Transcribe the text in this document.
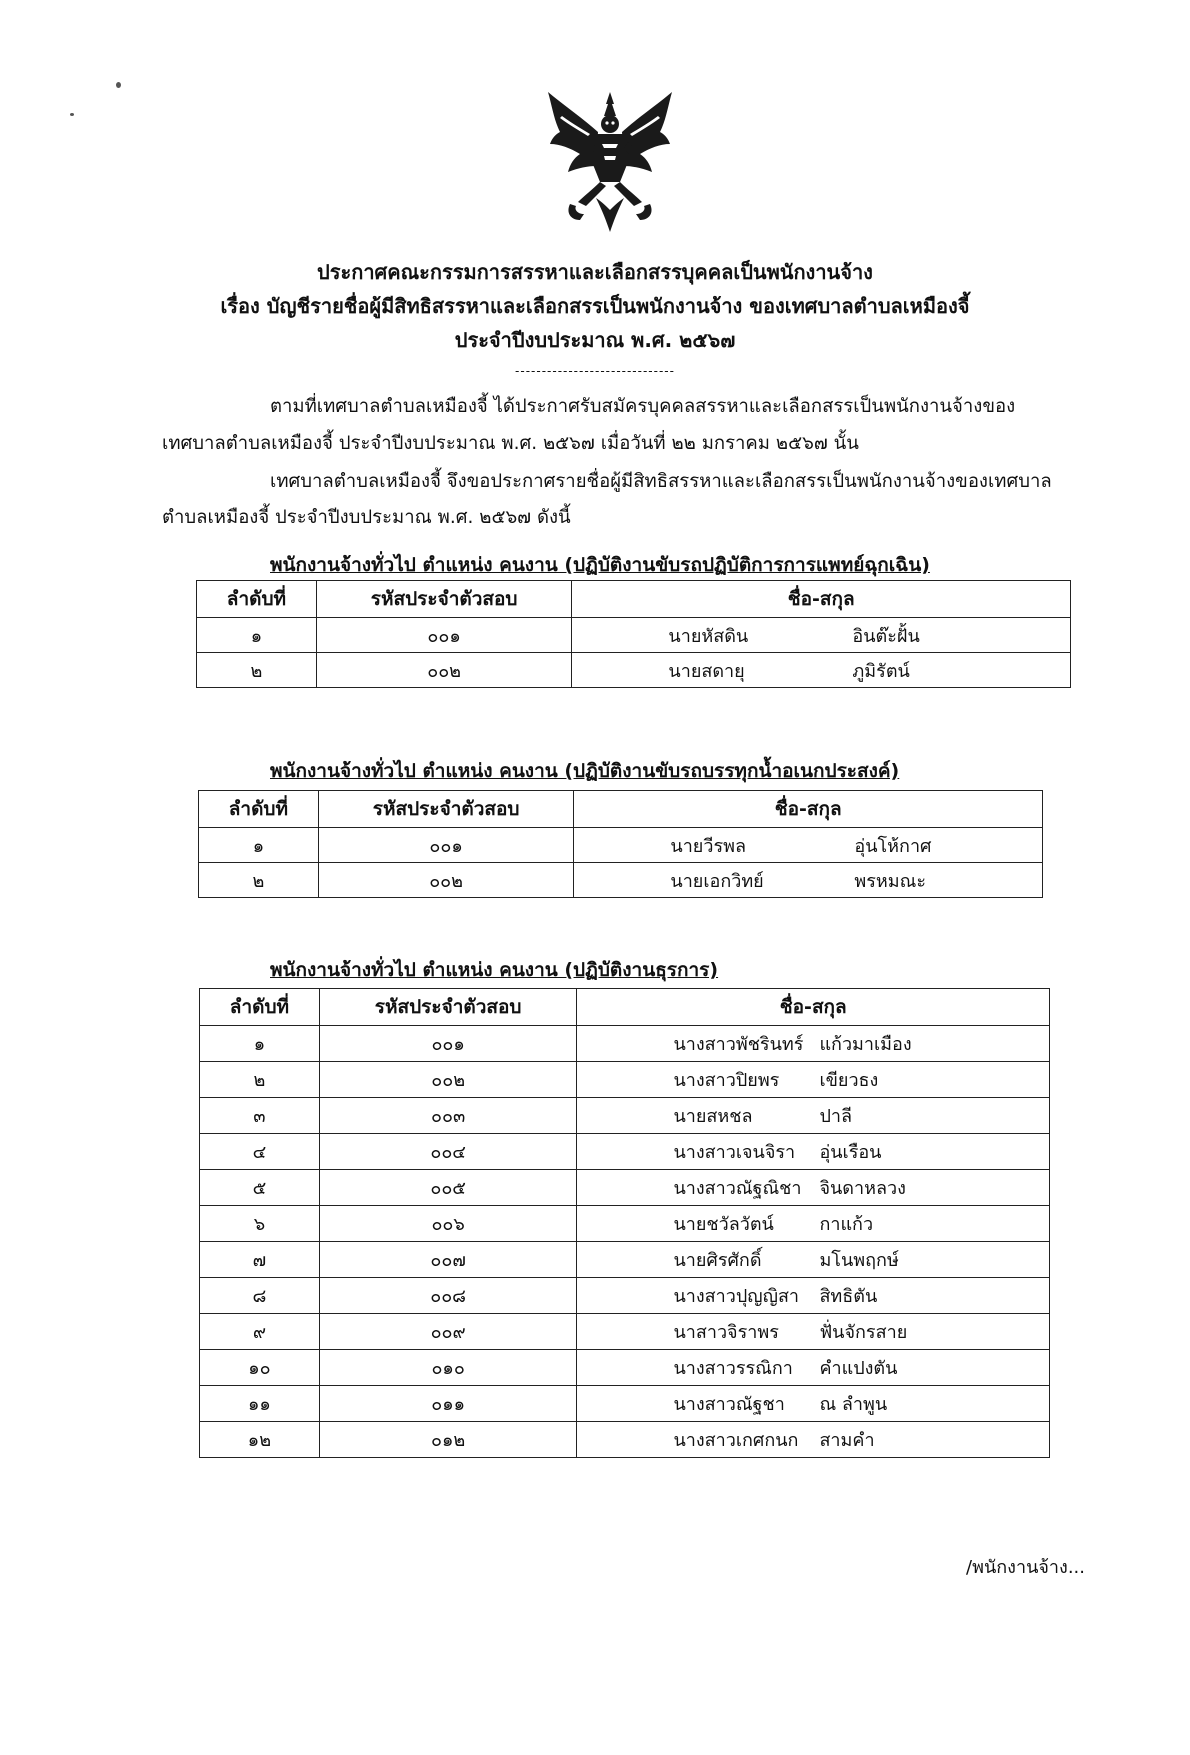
ประกาศคณะกรรมการสรรหาและเลือกสรรบุคคลเป็นพนักงานจ้าง
เรื่อง บัญชีรายชื่อผู้มีสิทธิสรรหาและเลือกสรรเป็นพนักงานจ้าง ของเทศบาลตำบลเหมืองจี้
ประจำปีงบประมาณ พ.ศ. ๒๕๖๗
------------------------------
ตามที่เทศบาลตำบลเหมืองจี้ ได้ประกาศรับสมัครบุคคลสรรหาและเลือกสรรเป็นพนักงานจ้างของ
เทศบาลตำบลเหมืองจี้ ประจำปีงบประมาณ พ.ศ. ๒๕๖๗ เมื่อวันที่ ๒๒ มกราคม ๒๕๖๗ นั้น
เทศบาลตำบลเหมืองจี้ จึงขอประกาศรายชื่อผู้มีสิทธิสรรหาและเลือกสรรเป็นพนักงานจ้างของเทศบาล
ตำบลเหมืองจี้ ประจำปีงบประมาณ พ.ศ. ๒๕๖๗ ดังนี้
พนักงานจ้างทั่วไป ตำแหน่ง คนงาน (ปฏิบัติงานขับรถปฏิบัติการการแพทย์ฉุกเฉิน)
ลำดับที่	รหัสประจำตัวสอบ	ชื่อ-สกุล
๑	๐๐๑	นายหัสดิน อินต๊ะฝั้น
๒	๐๐๒	นายสดายุ ภูมิรัตน์
พนักงานจ้างทั่วไป ตำแหน่ง คนงาน (ปฏิบัติงานขับรถบรรทุกน้ำอเนกประสงค์)
ลำดับที่	รหัสประจำตัวสอบ	ชื่อ-สกุล
๑	๐๐๑	นายวีรพล อุ่นโห้กาศ
๒	๐๐๒	นายเอกวิทย์ พรหมณะ
พนักงานจ้างทั่วไป ตำแหน่ง คนงาน (ปฏิบัติงานธุรการ)
ลำดับที่	รหัสประจำตัวสอบ	ชื่อ-สกุล
๑	๐๐๑	นางสาวพัชรินทร์ แก้วมาเมือง
๒	๐๐๒	นางสาวปิยพร เขียวธง
๓	๐๐๓	นายสหชล ปาลี
๔	๐๐๔	นางสาวเจนจิรา อุ่นเรือน
๕	๐๐๕	นางสาวณัฐณิชา จินดาหลวง
๖	๐๐๖	นายชวัลวัตน์ กาแก้ว
๗	๐๐๗	นายศิรศักดิ์ มโนพฤกษ์
๘	๐๐๘	นางสาวปุญญิสา สิทธิตัน
๙	๐๐๙	นาสาวจิราพร ฟั่นจักรสาย
๑๐	๐๑๐	นางสาวรรณิกา คำแปงตัน
๑๑	๐๑๑	นางสาวณัฐชา ณ ลำพูน
๑๒	๐๑๒	นางสาวเกศกนก สามคำ
/พนักงานจ้าง...
